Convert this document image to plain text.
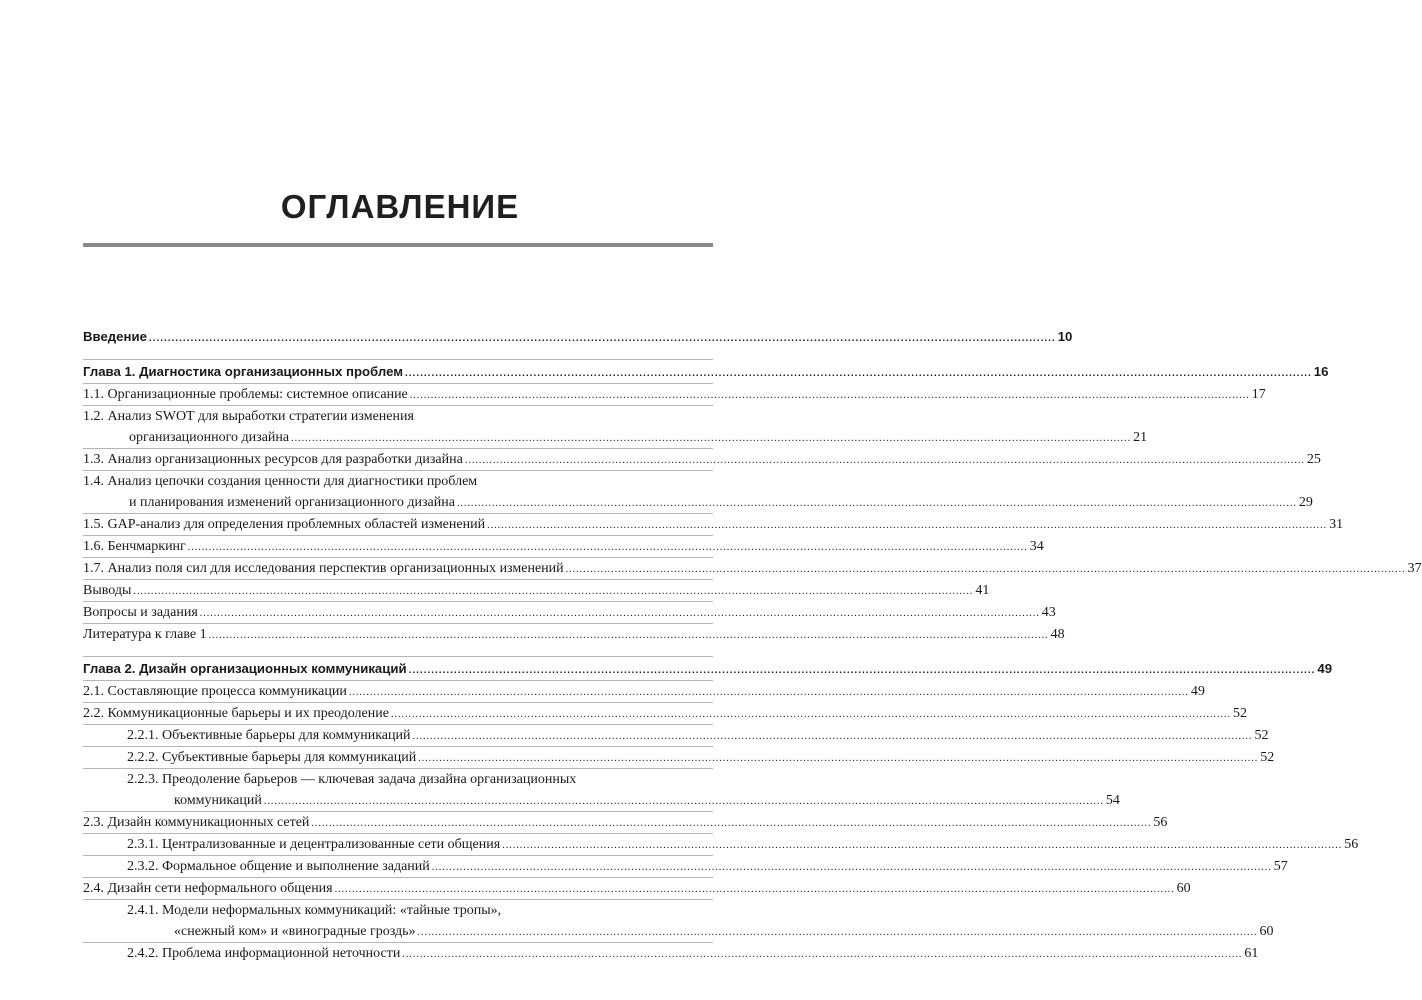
ОГЛАВЛЕНИЕ
Введение .....	10
Глава 1. Диагностика организационных проблем .....	16
1.1. Организационные проблемы: системное описание .....	17
1.2. Анализ SWOT для выработки стратегии изменения
организационного дизайна .....	21
1.3. Анализ организационных ресурсов для разработки дизайна .....	25
1.4. Анализ цепочки создания ценности для диагностики проблем
и планирования изменений организационного дизайна .....	29
1.5. GAP-анализ для определения проблемных областей изменений .....	31
1.6. Бенчмаркинг .....	34
1.7. Анализ поля сил для исследования перспектив организационных изменений .....	37
Выводы .....	41
Вопросы и задания .....	43
Литература к главе 1 .....	48
Глава 2. Дизайн организационных коммуникаций .....	49
2.1. Составляющие процесса коммуникации .....	49
2.2. Коммуникационные барьеры и их преодоление .....	52
2.2.1. Объективные барьеры для коммуникаций .....	52
2.2.2. Субъективные барьеры для коммуникаций .....	52
2.2.3. Преодоление барьеров — ключевая задача дизайна организационных
коммуникаций .....	54
2.3. Дизайн коммуникационных сетей .....	56
2.3.1. Централизованные и децентрализованные сети общения .....	56
2.3.2. Формальное общение и выполнение заданий .....	57
2.4. Дизайн сети неформального общения .....	60
2.4.1. Модели неформальных коммуникаций: «тайные тропы»,
«снежный ком» и «виноградные гроздь» .....	60
2.4.2. Проблема информационной неточности .....	61
